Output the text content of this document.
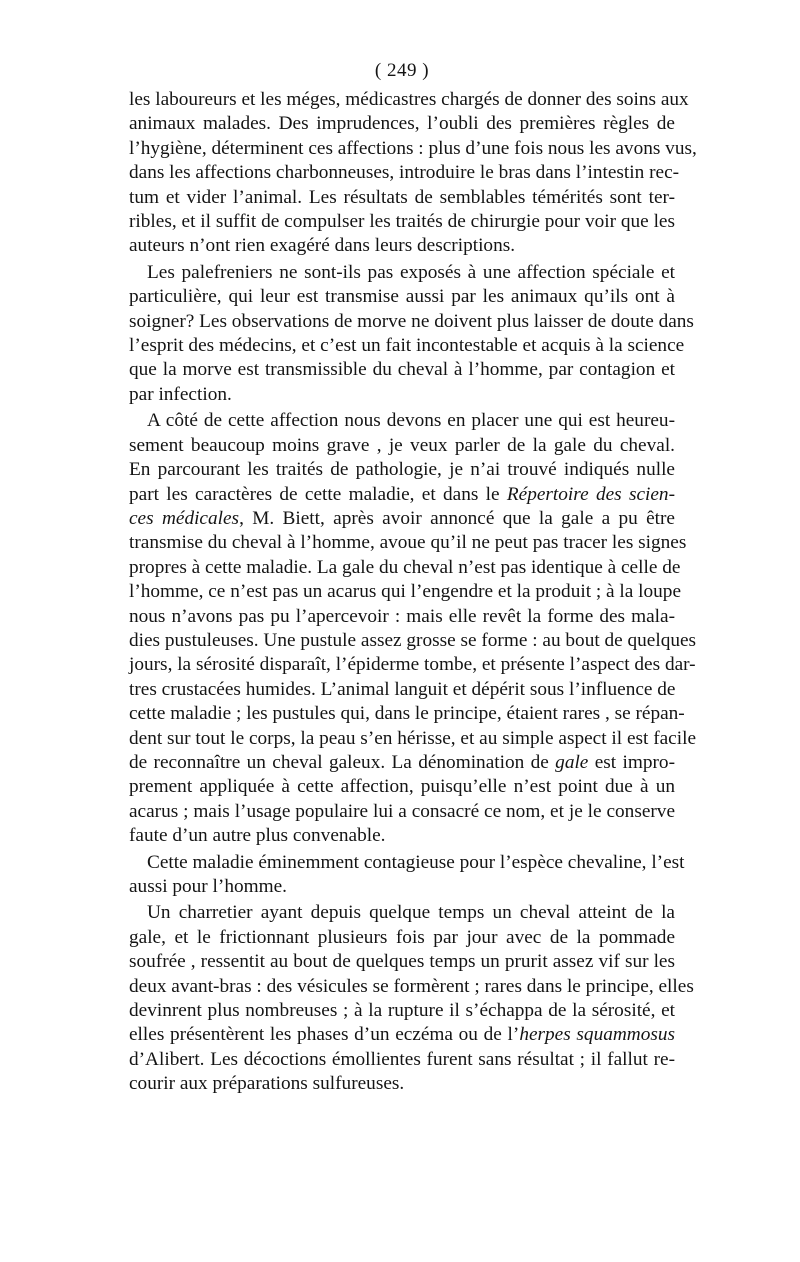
( 249 )

les laboureurs et les méges, médicastres chargés de donner des soins aux
animaux malades. Des imprudences, l’oubli des premières règles de
l’hygiène, déterminent ces affections : plus d’une fois nous les avons vus,
dans les affections charbonneuses, introduire le bras dans l’intestin rec-
tum et vider l’animal. Les résultats de semblables témérités sont ter-
ribles, et il suffit de compulser les traités de chirurgie pour voir que les
auteurs n’ont rien exagéré dans leurs descriptions.

Les palefreniers ne sont-ils pas exposés à une affection spéciale et
particulière, qui leur est transmise aussi par les animaux qu’ils ont à
soigner? Les observations de morve ne doivent plus laisser de doute dans
l’esprit des médecins, et c’est un fait incontestable et acquis à la science
que la morve est transmissible du cheval à l’homme, par contagion et
par infection.

A côté de cette affection nous devons en placer une qui est heureu-
sement beaucoup moins grave , je veux parler de la gale du cheval.
En parcourant les traités de pathologie, je n’ai trouvé indiqués nulle
part les caractères de cette maladie, et dans le Répertoire des scien-
ces médicales, M. Biett, après avoir annoncé que la gale a pu être
transmise du cheval à l’homme, avoue qu’il ne peut pas tracer les signes
propres à cette maladie. La gale du cheval n’est pas identique à celle de
l’homme, ce n’est pas un acarus qui l’engendre et la produit ; à la loupe
nous n’avons pas pu l’apercevoir : mais elle revêt la forme des mala-
dies pustuleuses. Une pustule assez grosse se forme : au bout de quelques
jours, la sérosité disparaît, l’épiderme tombe, et présente l’aspect des dar-
tres crustacées humides. L’animal languit et dépérit sous l’influence de
cette maladie ; les pustules qui, dans le principe, étaient rares , se répan-
dent sur tout le corps, la peau s’en hérisse, et au simple aspect il est facile
de reconnaître un cheval galeux. La dénomination de gale est impro-
prement appliquée à cette affection, puisqu’elle n’est point due à un
acarus ; mais l’usage populaire lui a consacré ce nom, et je le conserve
faute d’un autre plus convenable.

Cette maladie éminemment contagieuse pour l’espèce chevaline, l’est
aussi pour l’homme.

Un charretier ayant depuis quelque temps un cheval atteint de la
gale, et le frictionnant plusieurs fois par jour avec de la pommade
soufrée , ressentit au bout de quelques temps un prurit assez vif sur les
deux avant-bras : des vésicules se formèrent ; rares dans le principe, elles
devinrent plus nombreuses ; à la rupture il s’échappa de la sérosité, et
elles présentèrent les phases d’un eczéma ou de l’herpes squammosus
d’Alibert. Les décoctions émollientes furent sans résultat ; il fallut re-
courir aux préparations sulfureuses.
